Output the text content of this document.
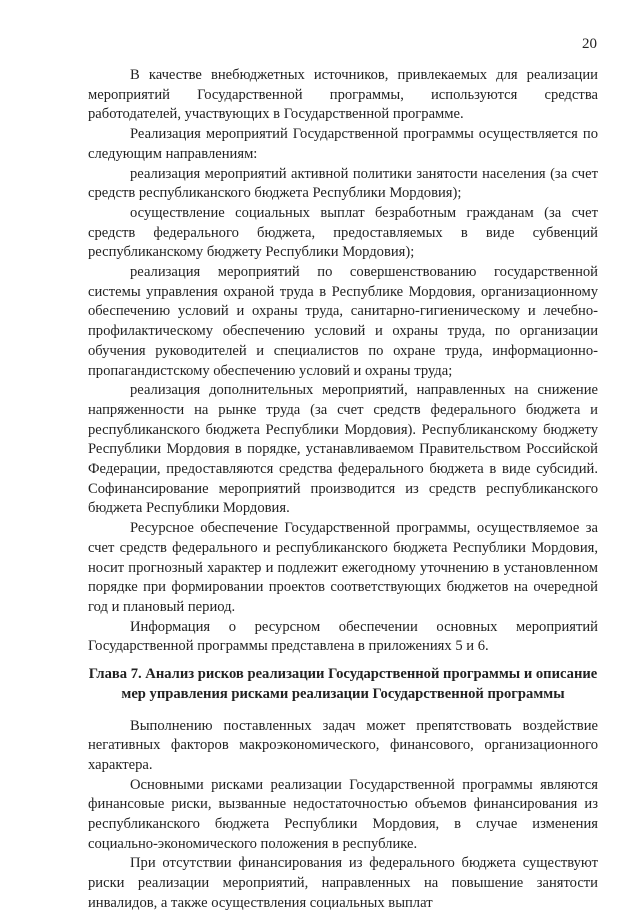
20

В качестве внебюджетных источников, привлекаемых для реализации мероприятий Государственной программы, используются средства работодателей, участвующих в Государственной программе.

Реализация мероприятий Государственной программы осуществляется по следующим направлениям:

реализация мероприятий активной политики занятости населения (за счет средств республиканского бюджета Республики Мордовия);

осуществление социальных выплат безработным гражданам (за счет средств федерального бюджета, предоставляемых в виде субвенций республиканскому бюджету Республики Мордовия);

реализация мероприятий по совершенствованию государственной системы управления охраной труда в Республике Мордовия, организационному обеспечению условий и охраны труда, санитарно-гигиеническому и лечебно-профилактическому обеспечению условий и охраны труда, по организации обучения руководителей и специалистов по охране труда, информационно-пропагандистскому обеспечению условий и охраны труда;

реализация дополнительных мероприятий, направленных на снижение напряженности на рынке труда (за счет средств федерального бюджета и республиканского бюджета Республики Мордовия). Республиканскому бюджету Республики Мордовия в порядке, устанавливаемом Правительством Российской Федерации, предоставляются средства федерального бюджета в виде субсидий. Софинансирование мероприятий производится из средств республиканского бюджета Республики Мордовия.

Ресурсное обеспечение Государственной программы, осуществляемое за счет средств федерального и республиканского бюджета Республики Мордовия, носит прогнозный характер и подлежит ежегодному уточнению в установленном порядке при формировании проектов соответствующих бюджетов на очередной год и плановый период.

Информация о ресурсном обеспечении основных мероприятий Государственной программы представлена в приложениях 5 и 6.

Глава 7. Анализ рисков реализации Государственной программы и описание мер управления рисками реализации Государственной программы

Выполнению поставленных задач может препятствовать воздействие негативных факторов макроэкономического, финансового, организационного характера.

Основными рисками реализации Государственной программы являются финансовые риски, вызванные недостаточностью объемов финансирования из республиканского бюджета Республики Мордовия, в случае изменения социально-экономического положения в республике.

При отсутствии финансирования из федерального бюджета существуют риски реализации мероприятий, направленных на повышение занятости инвалидов, а также осуществления социальных выплат
